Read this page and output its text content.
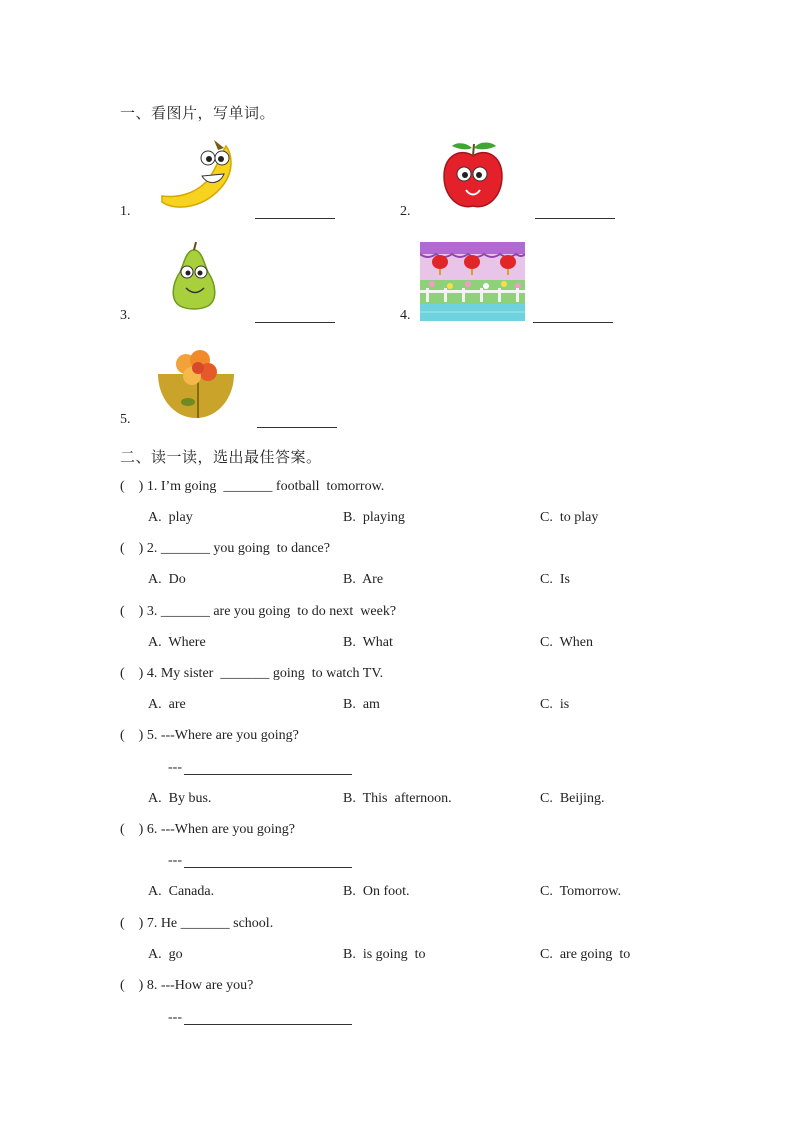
一、看图片，写单词。
1.	2.
3.	4.
5.
二、读一读，选出最佳答案。
(    ) 1. I’m going  _______ football  tomorrow.
A.  play	B.  playing	C.  to play
(    ) 2. _______ you going  to dance?
A.  Do	B.  Are	C.  Is
(    ) 3. _______ are you going  to do next  week?
A.  Where	B.  What	C.  When
(    ) 4. My sister  _______ going  to watch TV.
A.  are	B.  am	C.  is
(    ) 5. ---Where are you going?
---
A.  By bus.	B.  This  afternoon.	C.  Beijing.
(    ) 6. ---When are you going?
---
A.  Canada.	B.  On foot.	C.  Tomorrow.
(    ) 7. He _______ school.
A.  go	B.  is going  to	C.  are going  to
(    ) 8. ---How are you?
---
